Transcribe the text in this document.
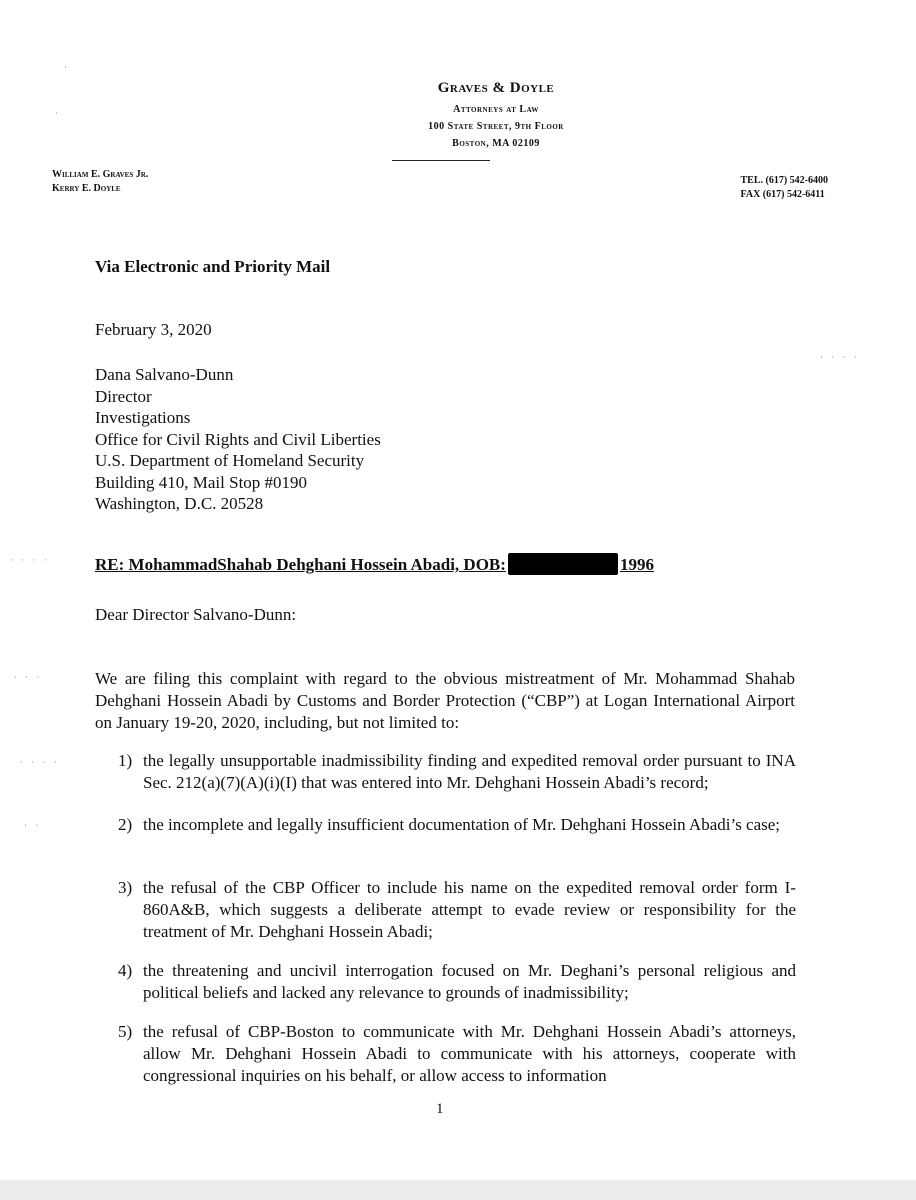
Graves & Doyle
Attorneys at Law
100 State Street, 9th Floor
Boston, MA 02109
William E. Graves Jr.
Kerry E. Doyle
TEL. (617) 542-6400
FAX (617) 542-6411
Via Electronic and Priority Mail
February 3, 2020
Dana Salvano-Dunn
Director
Investigations
Office for Civil Rights and Civil Liberties
U.S. Department of Homeland Security
Building 410, Mail Stop #0190
Washington, D.C. 20528
RE: MohammadShahab Dehghani Hossein Abadi, DOB:	1996
Dear Director Salvano-Dunn:
We are filing this complaint with regard to the obvious mistreatment of Mr. Mohammad Shahab Dehghani Hossein Abadi by Customs and Border Protection (“CBP”) at Logan International Airport on January 19-20, 2020, including, but not limited to:
1) the legally unsupportable inadmissibility finding and expedited removal order pursuant to INA Sec. 212(a)(7)(A)(i)(I) that was entered into Mr. Dehghani Hossein Abadi’s record;
2) the incomplete and legally insufficient documentation of Mr. Dehghani Hossein Abadi’s case;
3) the refusal of the CBP Officer to include his name on the expedited removal order form I-860A&B, which suggests a deliberate attempt to evade review or responsibility for the treatment of Mr. Dehghani Hossein Abadi;
4) the threatening and uncivil interrogation focused on Mr. Deghani’s personal religious and political beliefs and lacked any relevance to grounds of inadmissibility;
5) the refusal of CBP-Boston to communicate with Mr. Dehghani Hossein Abadi’s attorneys, allow Mr. Dehghani Hossein Abadi to communicate with his attorneys, cooperate with congressional inquiries on his behalf, or allow access to information
1
·
·
· · · ·
· · · ·
· · ·
· · · ·
· ·
